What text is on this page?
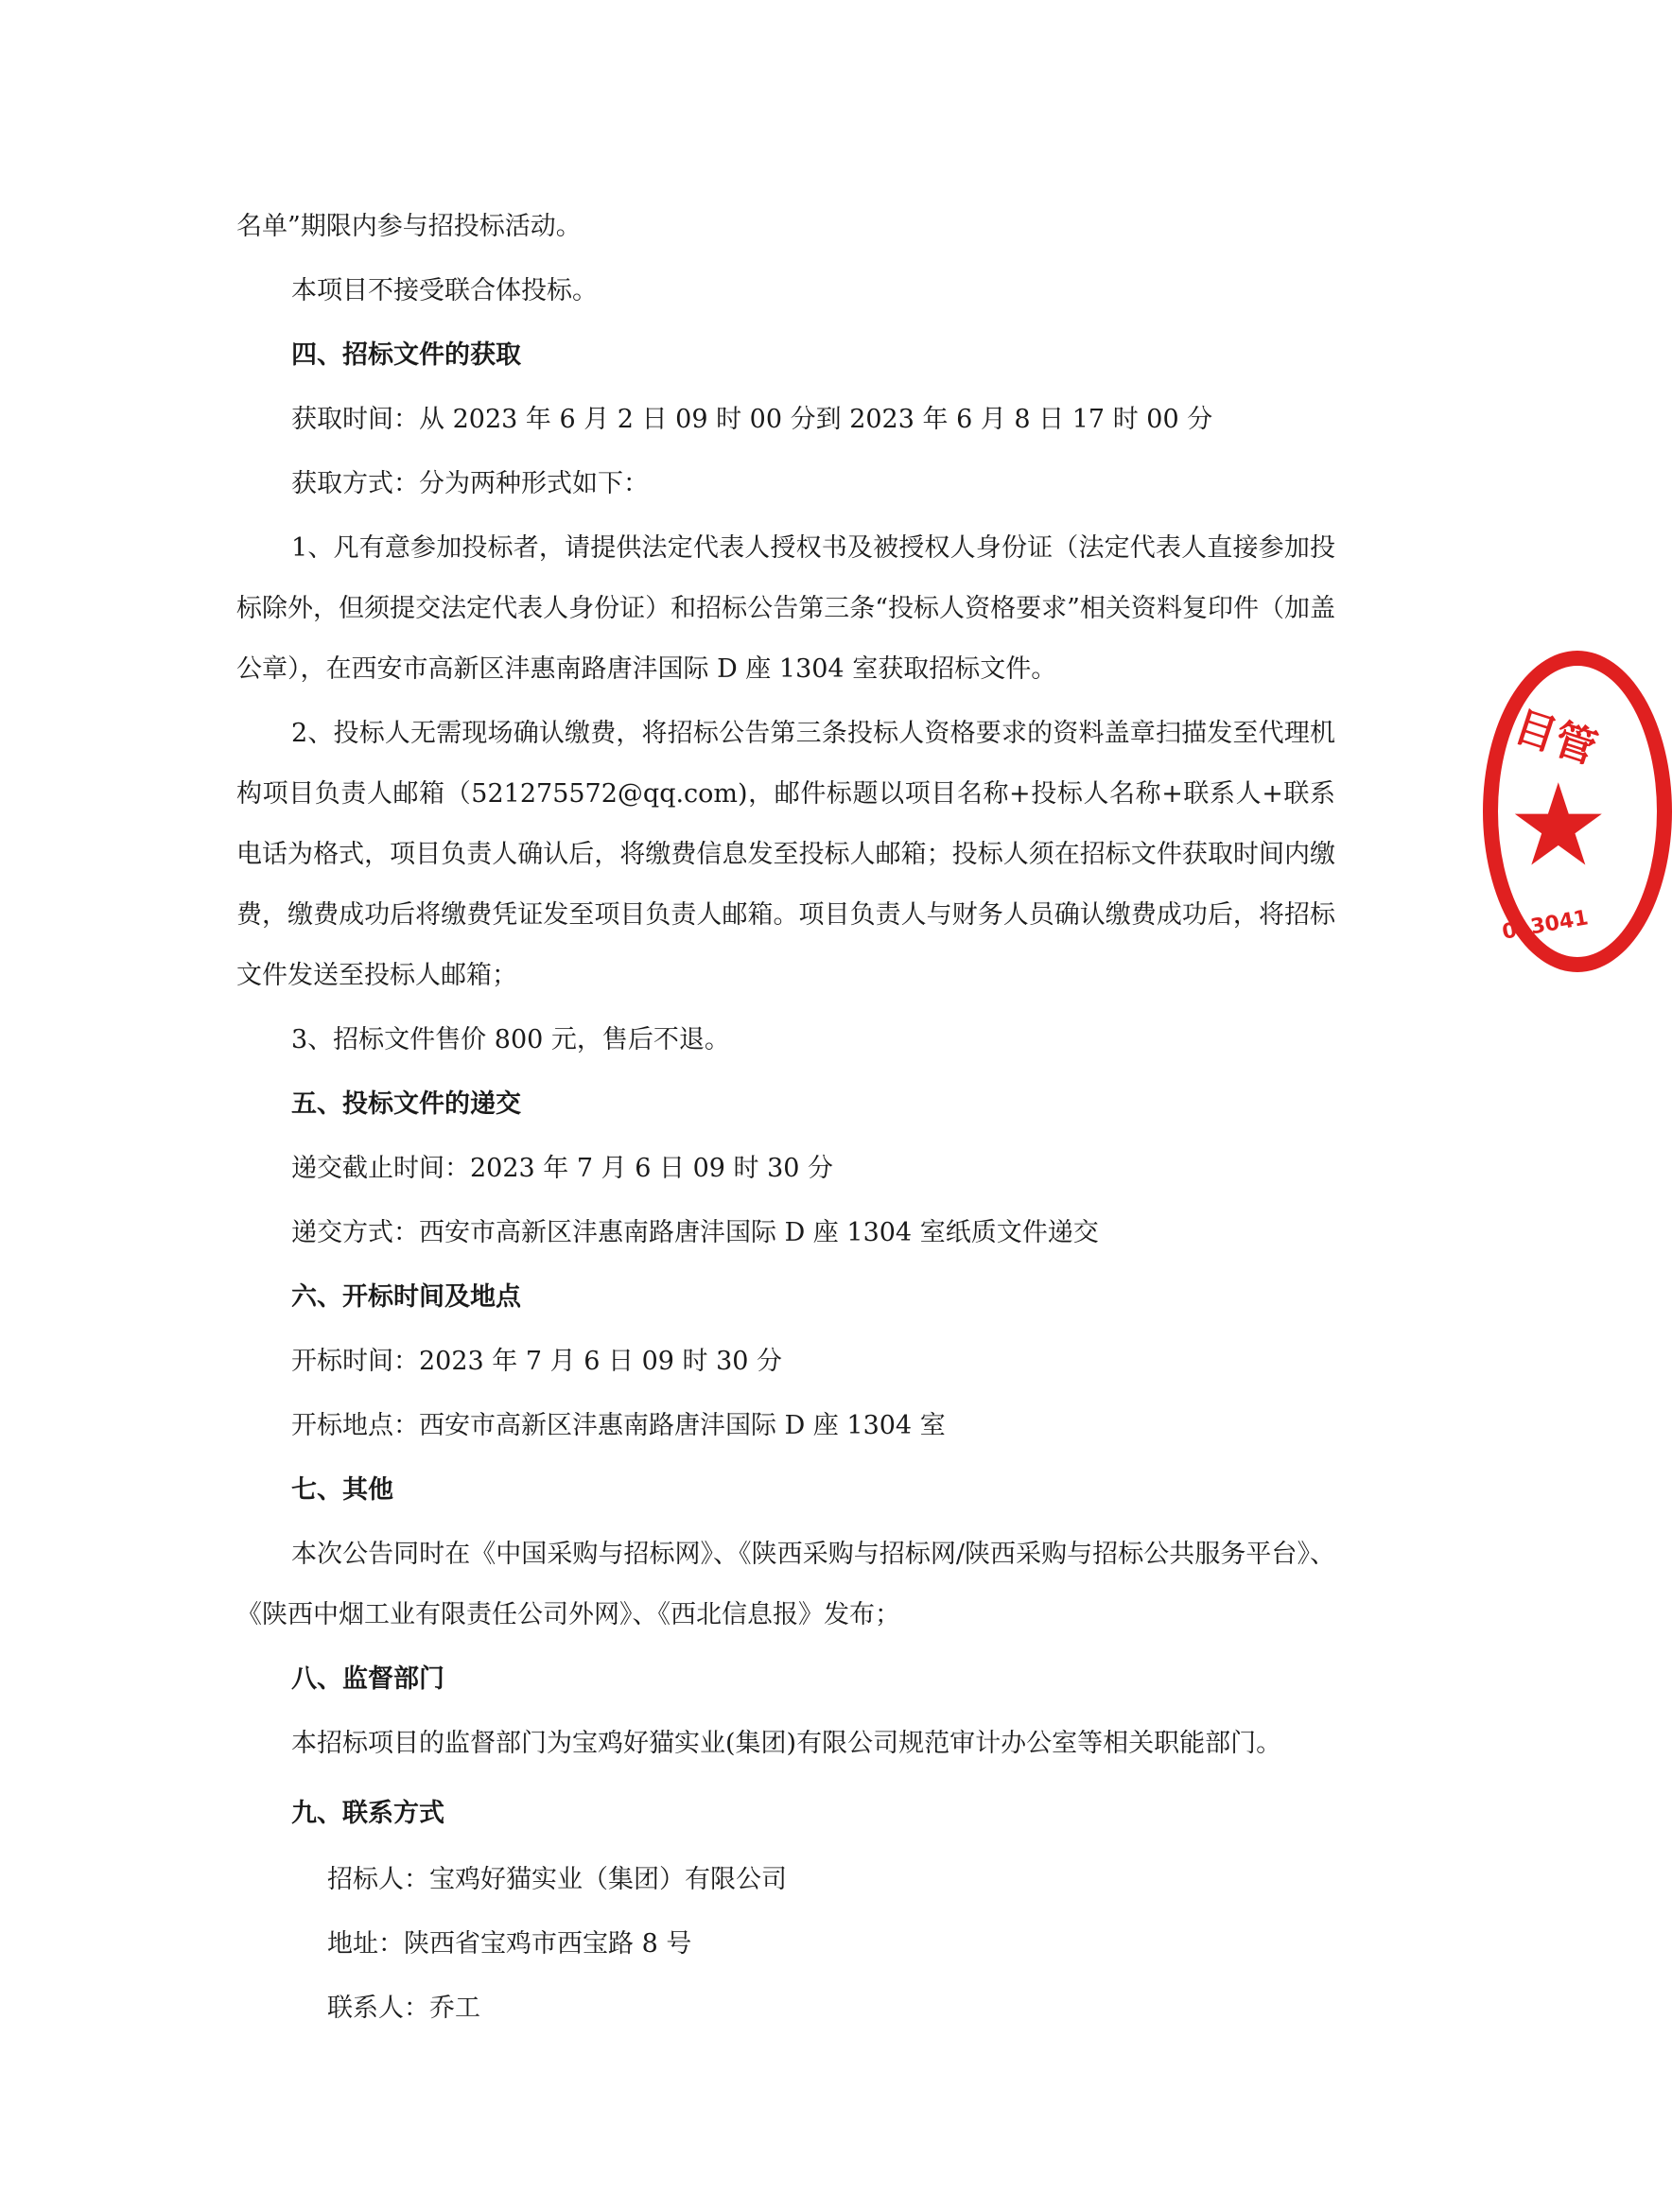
名单”期限内参与招投标活动。

本项目不接受联合体投标。

四、招标文件的获取

获取时间：从 2023 年 6 月 2 日 09 时 00 分到 2023 年 6 月 8 日 17 时 00 分

获取方式：分为两种形式如下：

1、凡有意参加投标者，请提供法定代表人授权书及被授权人身份证（法定代表人直接参加投标除外，但须提交法定代表人身份证）和招标公告第三条“投标人资格要求”相关资料复印件（加盖公章），在西安市高新区沣惠南路唐沣国际 D 座 1304 室获取招标文件。

2、投标人无需现场确认缴费，将招标公告第三条投标人资格要求的资料盖章扫描发至代理机构项目负责人邮箱（521275572@qq.com)，邮件标题以项目名称+投标人名称+联系人+联系电话为格式，项目负责人确认后，将缴费信息发至投标人邮箱；投标人须在招标文件获取时间内缴费，缴费成功后将缴费凭证发至项目负责人邮箱。项目负责人与财务人员确认缴费成功后，将招标文件发送至投标人邮箱；

3、招标文件售价 800 元，售后不退。

五、投标文件的递交

递交截止时间：2023 年 7 月 6 日 09 时 30 分

递交方式：西安市高新区沣惠南路唐沣国际 D 座 1304 室纸质文件递交

六、开标时间及地点

开标时间：2023 年 7 月 6 日 09 时 30 分

开标地点：西安市高新区沣惠南路唐沣国际 D 座 1304 室

七、其他

本次公告同时在《中国采购与招标网》、《陕西采购与招标网/陕西采购与招标公共服务平台》、《陕西中烟工业有限责任公司外网》、《西北信息报》发布；

八、监督部门

本招标项目的监督部门为宝鸡好猫实业(集团)有限公司规范审计办公室等相关职能部门。

九、联系方式

招标人：宝鸡好猫实业（集团）有限公司

地址：陕西省宝鸡市西宝路 8 号

联系人：乔工

目管
★
013041
